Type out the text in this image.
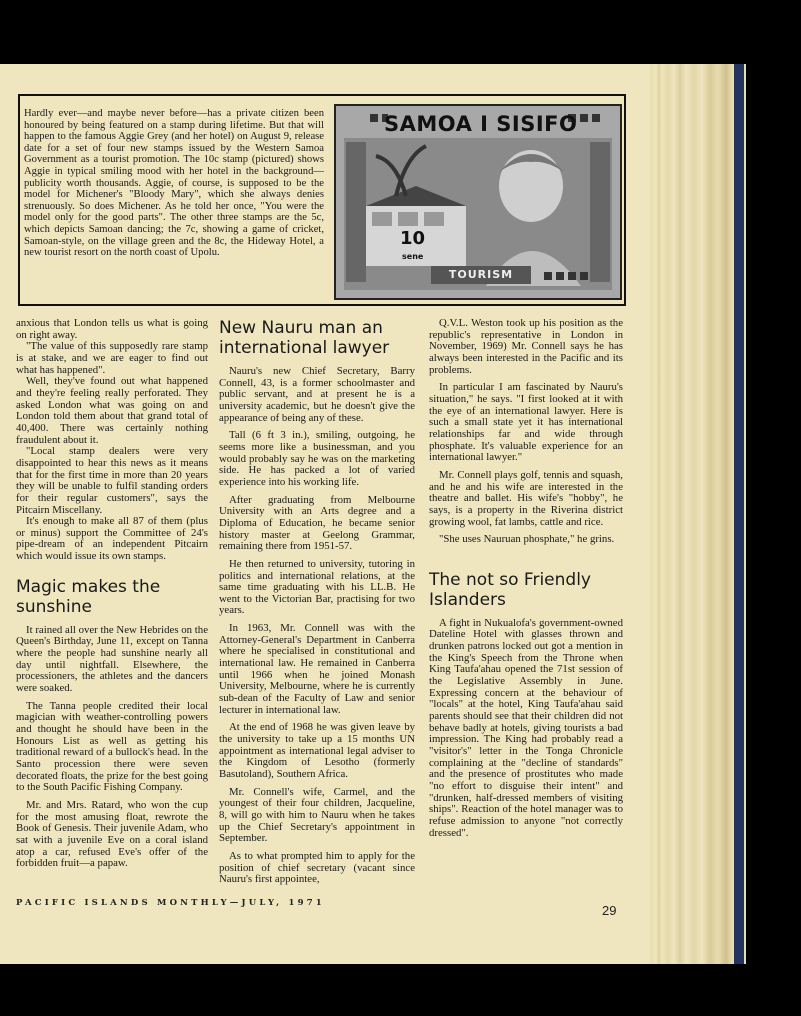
Hardly ever—and maybe never before—has a private citizen been honoured by being featured on a stamp during lifetime. But that will happen to the famous Aggie Grey (and her hotel) on August 9, release date for a set of four new stamps issued by the Western Samoa Government as a tourist promotion. The 10c stamp (pictured) shows Aggie in typical smiling mood with her hotel in the background—publicity worth thousands. Aggie, of course, is supposed to be the model for Michener's "Bloody Mary", which she always denies strenuously. So does Michener. As he told her once, "You were the model only for the good parts". The other three stamps are the 5c, which depicts Samoan dancing; the 7c, showing a game of cricket, Samoan-style, on the village green and the 8c, the Hideway Hotel, a new tourist resort on the north coast of Upolu.
SAMOA I SISIFO
10
sene
TOURISM

anxious that London tells us what is going on right away.

"The value of this supposedly rare stamp is at stake, and we are eager to find out what has happened".

Well, they've found out what happened and they're feeling really perforated. They asked London what was going on and London told them about that grand total of 40,400. There was certainly nothing fraudulent about it.

"Local stamp dealers were very disappointed to hear this news as it means that for the first time in more than 20 years they will be unable to fulfil standing orders for their regular customers", says the Pitcairn Miscellany.

It's enough to make all 87 of them (plus or minus) support the Committee of 24's pipe-dream of an independent Pitcairn which would issue its own stamps.

Magic makes the sunshine

It rained all over the New Hebrides on the Queen's Birthday, June 11, except on Tanna where the people had sunshine nearly all day until nightfall. Elsewhere, the processioners, the athletes and the dancers were soaked.

The Tanna people credited their local magician with weather-controlling powers and thought he should have been in the Honours List as well as getting his traditional reward of a bullock's head. In the Santo procession there were seven decorated floats, the prize for the best going to the South Pacific Fishing Company.

Mr. and Mrs. Ratard, who won the cup for the most amusing float, rewrote the Book of Genesis. Their juvenile Adam, who sat with a juvenile Eve on a coral island atop a car, refused Eve's offer of the forbidden fruit—a papaw.

New Nauru man an international lawyer

Nauru's new Chief Secretary, Barry Connell, 43, is a former schoolmaster and public servant, and at present he is a university academic, but he doesn't give the appearance of being any of these.

Tall (6 ft 3 in.), smiling, outgoing, he seems more like a businessman, and you would probably say he was on the marketing side. He has packed a lot of varied experience into his working life.

After graduating from Melbourne University with an Arts degree and a Diploma of Education, he became senior history master at Geelong Grammar, remaining there from 1951-57.

He then returned to university, tutoring in politics and international relations, at the same time graduating with his LL.B. He went to the Victorian Bar, practising for two years.

In 1963, Mr. Connell was with the Attorney-General's Department in Canberra where he specialised in constitutional and international law. He remained in Canberra until 1966 when he joined Monash University, Melbourne, where he is currently sub-dean of the Faculty of Law and senior lecturer in international law.

At the end of 1968 he was given leave by the university to take up a 15 months UN appointment as international legal adviser to the Kingdom of Lesotho (formerly Basutoland), Southern Africa.

Mr. Connell's wife, Carmel, and the youngest of their four children, Jacqueline, 8, will go with him to Nauru when he takes up the Chief Secretary's appointment in September.

As to what prompted him to apply for the position of chief secretary (vacant since Nauru's first appointee,

Q.V.L. Weston took up his position as the republic's representative in London in November, 1969) Mr. Connell says he has always been interested in the Pacific and its problems.

In particular I am fascinated by Nauru's situation," he says. "I first looked at it with the eye of an international lawyer. Here is such a small state yet it has international relationships far and wide through phosphate. It's valuable experience for an international lawyer."

Mr. Connell plays golf, tennis and squash, and he and his wife are interested in the theatre and ballet. His wife's "hobby", he says, is a property in the Riverina district growing wool, fat lambs, cattle and rice.

"She uses Nauruan phosphate," he grins.

The not so Friendly Islanders

A fight in Nukualofa's government-owned Dateline Hotel with glasses thrown and drunken patrons locked out got a mention in the King's Speech from the Throne when King Taufa'ahau opened the 71st session of the Legislative Assembly in June. Expressing concern at the behaviour of "locals" at the hotel, King Taufa'ahau said parents should see that their children did not behave badly at hotels, giving tourists a bad impression. The King had probably read a "visitor's" letter in the Tonga Chronicle complaining at the "decline of standards" and the presence of prostitutes who made "no effort to disguise their intent" and "drunken, half-dressed members of visiting ships". Reaction of the hotel manager was to refuse admission to anyone "not correctly dressed".

PACIFIC ISLANDS MONTHLY—JULY, 1971	29
